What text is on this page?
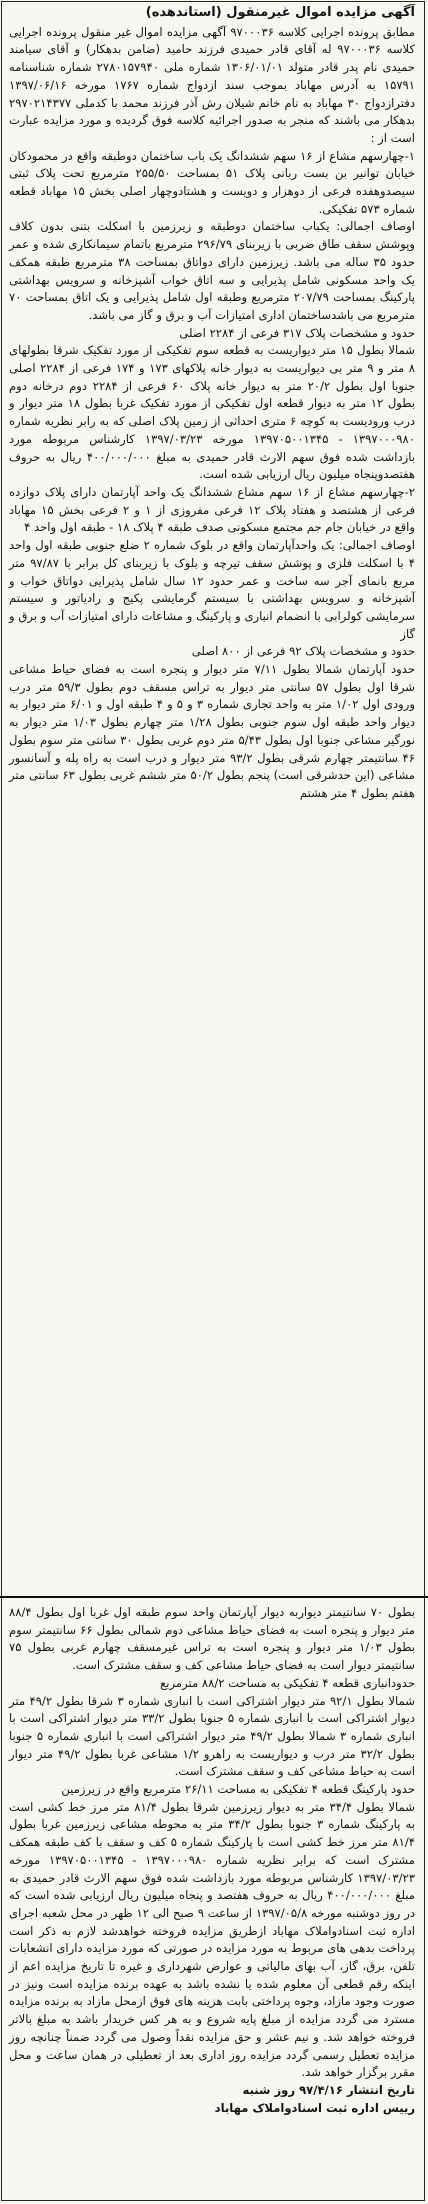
آگهی مزایده اموال غیرمنقول (استاندهده)

مطابق پرونده اجرایی کلاسه ۹۷۰۰۰۳۶ آگهی مزایده اموال غیر منقول پرونده اجرایی کلاسه ۹۷۰۰۰۳۶ له آقای قادر حمیدی فرزند حامید (ضامن بدهکار) و آقای سیامند حمیدی نام پدر قادر متولد ۱۳۰۶/۰۱/۰۱ شماره ملی ۲۷۸۰۱۵۷۹۴۰ شماره شناسنامه ۱۵۷۹۱ به آدرس مهاباد بموجب سند ازدواج شماره ۱۷۶۷ مورخه ۱۳۹۷/۰۶/۱۶ دفترازدواج ۳۰ مهاباد به نام خانم شیلان رش آذر فرزند محمد با کدملی ۲۹۷۰۲۱۴۳۷۷ بدهکار می باشند که منجر به صدور اجرائیه کلاسه فوق گردیده و مورد مزایده عبارت است از :

۱-چهارسهم مشاع از ۱۶ سهم ششدانگ یک باب ساختمان دوطبقه واقع در محمودکان خیابان توانیر بن بست ربانی پلاک ۵۱ بمساحت ۲۵۵/۵۰ مترمربع تحت پلاک ثبتی سیصدوهفده فرعی از دوهزار و دویست و هشتادوچهار اصلی بخش ۱۵ مهاباد قطعه شماره ۵۷۳ تفکیکی.

اوصاف اجمالی: یکباب ساختمان دوطبقه و زیرزمین با اسکلت بتنی بدون کلاف وپوشش سقف طاق ضربی با زیربنای ۲۹۶/۷۹ مترمربع باتمام سیمانکاری شده و عمر حدود ۳۵ ساله می باشد. زیرزمین دارای دواتاق بمساحت ۳۸ مترمربع طبقه همکف یک واحد مسکونی شامل پذیرایی و سه اتاق خواب آشپزخانه و سرویس بهداشتی پارکینگ بمساحت ۲۰۷/۷۹ مترمربع وطبقه اول شامل پذیرایی و یک اتاق بمساحت ۷۰ مترمربع می باشدساختمان اداری امتیازات آب و برق و گاز می باشد.

حدود و مشخصات پلاک ۳۱۷ فرعی از ۲۲۸۴ اصلی

شمالا بطول ۱۵ متر دیواریست به قطعه سوم تفکیکی از مورد تفکیک شرقا بطولهای ۸ متر و ۹ متر بی دیواریست به دیوار خانه پلاکهای ۱۷۳ و ۱۷۴ فرعی از ۲۲۸۴ اصلی جنوبا اول بطول ۲۰/۲ متر به دیوار خانه پلاک ۶۰ فرعی از ۲۲۸۴ دوم درخانه دوم بطول ۱۲ متر به دیوار قطعه اول تفکیکی از مورد تفکیک غربا بطول ۱۸ متر دیوار و درب ورودیست به کوچه ۶ متری احداثی از زمین پلاک اصلی که به رابر نظریه شماره ۱۳۹۷۰۰۰۹۸۰ - ۱۳۹۷۰۵۰۰۱۳۴۵ مورخه ۱۳۹۷/۰۳/۲۳ کارشناس مربوطه مورد بازداشت شده فوق سهم الارث قادر حمیدی به مبلغ ۴۰۰/۰۰۰/۰۰۰ ریال به حروف هفتصدوپنجاه میلیون ریال ارزیابی شده است.

۲-چهارسهم مشاع از ۱۶ سهم مشاع ششدانگ یک واحد آپارتمان دارای پلاک دوازده فرعی از هشتصد و هفتاد پلاک ۱۲ فرعی مفروزی از ۱ و ۲ فرعی بخش ۱۵ مهاباد واقع در خیابان جام جم مجتمع مسکونی صدف طبقه ۴ پلاک ۱۸ - طبقه اول واحد ۴

اوصاف اجمالی: یک واحدآپارتمان واقع در بلوک شماره ۲ ضلع جنوبی طبقه اول واحد ۴ با اسکلت فلزی و پوشش سقف تیرچه و بلوک با زیربنای کل برابر با ۹۷/۸۷ متر مربع بانمای آجر سه ساخت و عمر حدود ۱۲ سال شامل پذیرایی دواتاق خواب و آشپزخانه و سرویس بهداشتی با سیستم گرمایشی پکیج و رادیاتور و سیستم سرمایشی کولرابی با انضمام انباری و پارکینگ و مشاعات دارای امتیازات آب و برق و گاز

حدود و مشخصات پلاک ۹۲ فرعی از ۸۰۰ اصلی

حدود آپارتمان شمالا بطول ۷/۱۱ متر دیوار و پنجره است به فضای حیاط مشاعی شرقا اول بطول ۵۷ سانتی متر دیوار به تراس مسقف دوم بطول ۵۹/۳ متر درب ورودی اول ۱/۰۲ متر به واحد تجاری شماره ۳ و ۵ و ۴ طبقه اول و ۶/۰۱ متر دیوار به دیوار واحد طبقه اول سوم جنوبی بطول ۱/۲۸ متر چهارم بطول ۱/۰۳ متر دیوار به نورگیر مشاعی جنوبا اول بطول ۵/۴۳ متر دوم غربی بطول ۳۰ سانتی متر سوم بطول ۴۶ سانتیمتر چهارم شرقی بطول ۹۳/۲ متر دیوار و درب است به راه پله و آسانسور مشاعی (این حدشرقی است) پنجم بطول ۵۰/۲ متر ششم غربی بطول ۶۳ سانتی متر هفتم بطول ۴ متر هشتم

بطول ۷۰ سانتیمتر دیواربه دیوار آپارتمان واحد سوم طبقه اول غربا اول بطول ۸۸/۴ متر دیوار و پنجره است به فضای حیاط مشاعی دوم شمالی بطول ۶۶ سانتیمتر سوم بطول ۱/۰۳ متر دیوار و پنجره است به تراس غیرمسقف چهارم غربی بطول ۷۵ سانتیمتر دیوار است به فضای حیاط مشاعی کف و سقف مشترک است.

حدودانباری قطعه ۴ تفکیکی به مساحت ۸۸/۲ مترمربع

شمالا بطول ۹۲/۱ متر دیوار اشتراکی است با انباری شماره ۳ شرقا بطول ۴۹/۲ متر دیوار اشتراکی است با انباری شماره ۵ جنوبا بطول ۳۳/۲ متر دیوار اشتراکی است با انباری شماره ۳ شمالا بطول ۴۹/۲ متر دیوار اشتراکی است با انباری شماره ۵ جنوبا بطول ۳۲/۲ متر درب و دیواریست به راهرو ۱/۲ مشاعی غربا بطول ۴۹/۲ متر دیوار است به حیاط مشاعی کف و سقف مشترک است.

حدود پارکینگ قطعه ۴ تفکیکی به مساحت ۲۶/۱۱ مترمربع واقع در زیرزمین

شمالا بطول ۳۴/۴ متر به دیوار زیرزمین شرقا بطول ۸۱/۴ متر مرز خط کشی است به پارکینگ شماره ۳ جنوبا بطول ۳۴/۲ متر به محوطه مشاعی زیرزمین غربا بطول ۸۱/۴ متر مرز خط کشی است با پارکینگ شماره ۵ کف و سقف با کف طبقه همکف مشترک است که برابر نظریه شماره ۱۳۹۷۰۰۰۹۸۰ - ۱۳۹۷۰۵۰۰۱۳۴۵ مورخه ۱۳۹۷/۰۳/۲۳ کارشناس مربوطه مورد بازداشت شده فوق سهم الارث قادر حمیدی به مبلغ ۴۰۰/۰۰۰/۰۰۰ ریال به حروف هفتصد و پنجاه میلیون ریال ارزیابی شده است که در روز دوشنبه مورخه ۱۳۹۷/۰۵/۸ از ساعت ۹ صبح الی ۱۲ ظهر در محل شعبه اجرای اداره ثبت اسنادواملاک مهاباد ازطریق مزایده فروخته خواهدشد لازم به ذکر است پرداخت بدهی های مربوط به مورد مزایده در صورتی که مورد مزایده دارای انشعابات تلفن، برق، گاز، آب بهای مالیاتی و عوارض شهرداری و غیره تا تاریخ مزایده اعم از اینکه رقم قطعی آن معلوم شده یا نشده باشد به عهده برنده مزایده است ونیز در صورت وجود مازاد، وجوه پرداختی بابت هزینه های فوق ازمحل مازاد به برنده مزایده مسترد می گردد مزایده از مبلغ پایه شروع و به هر کس خریدار باشد به مبلغ بالاتر فروخته خواهد شد. و نیم عشر و حق مزایده نقداً وصول می گردد ضمناً چنانچه روز مزایده تعطیل رسمی گردد مزایده روز اداری بعد از تعطیلی در همان ساعت و محل مقرر برگزار خواهد شد.

تاریخ انتشار ۹۷/۴/۱۶ روز شنبه

رییس اداره ثبت اسنادواملاک مهاباد
